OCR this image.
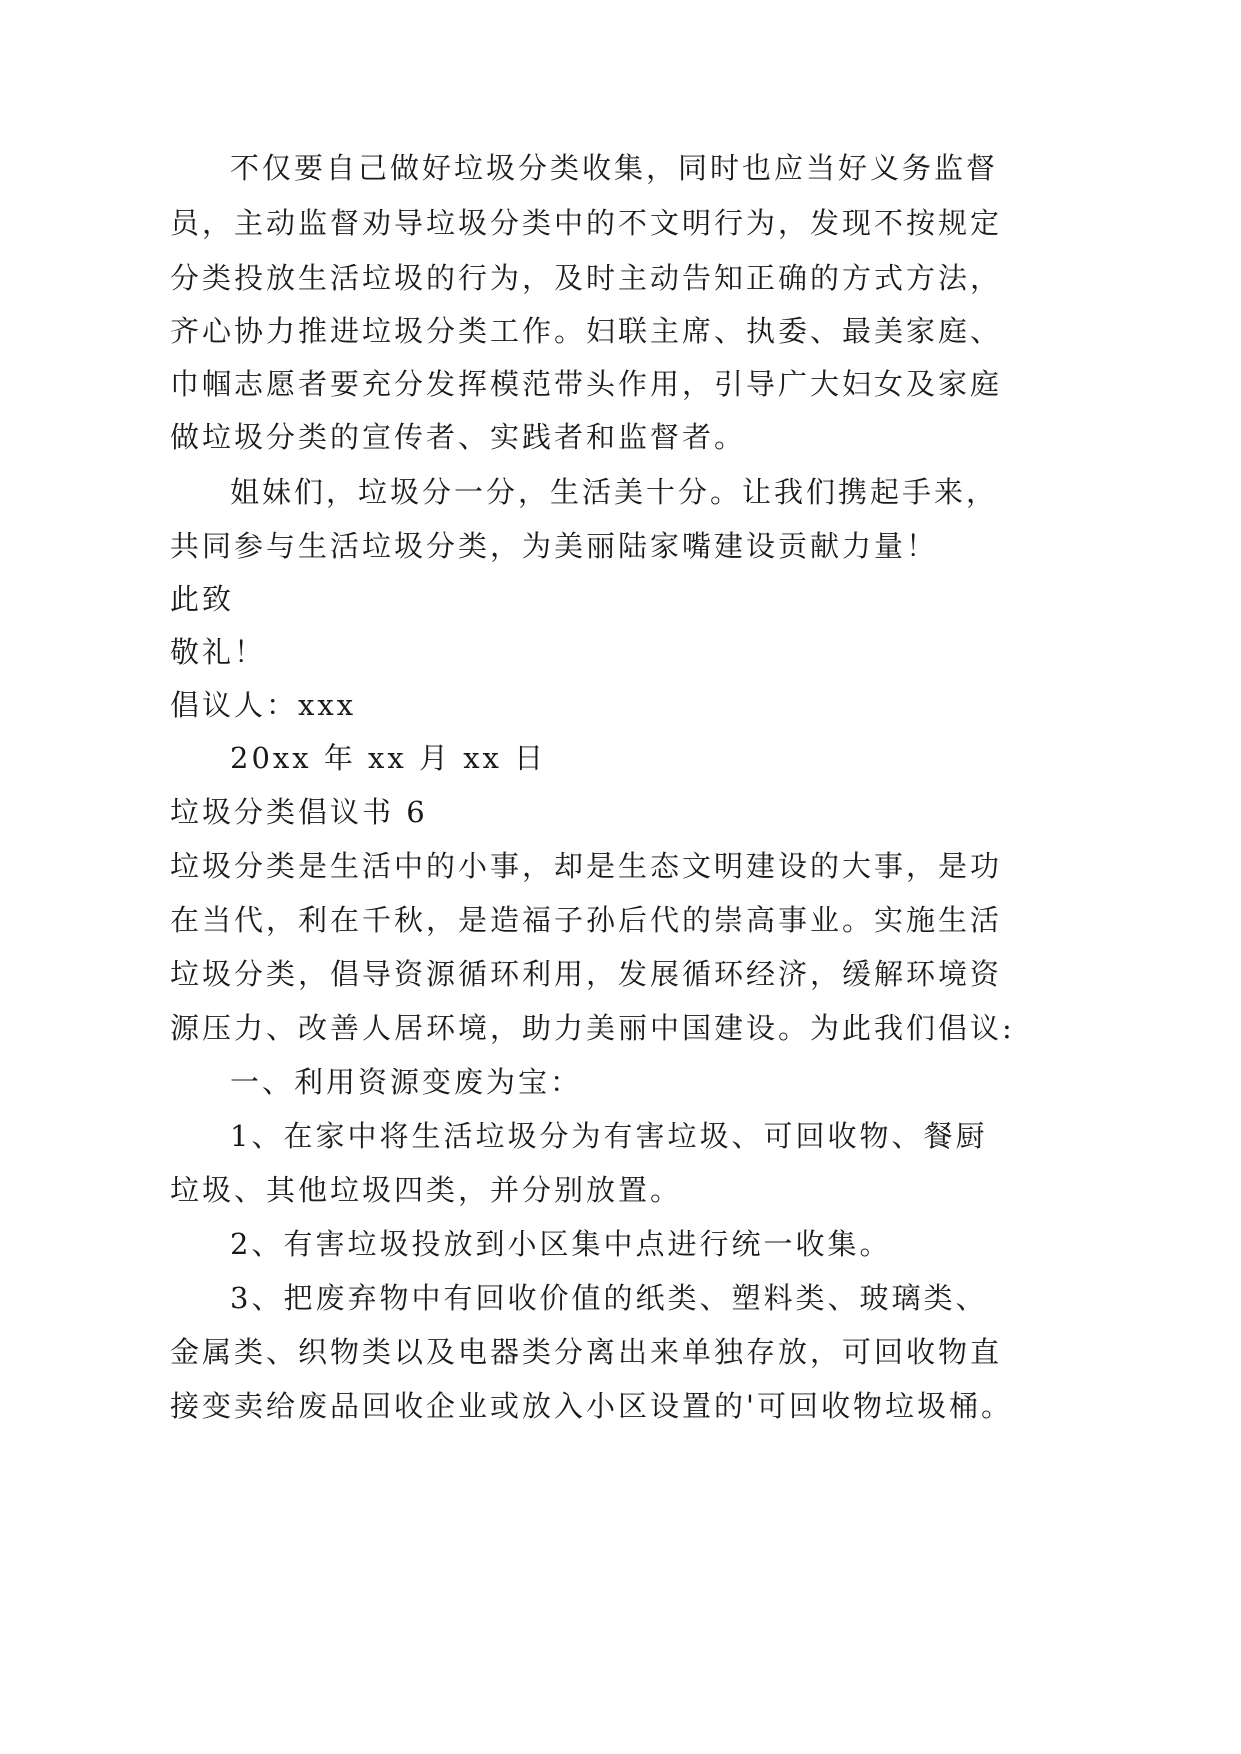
不仅要自己做好垃圾分类收集，同时也应当好义务监督
员，主动监督劝导垃圾分类中的不文明行为，发现不按规定
分类投放生活垃圾的行为，及时主动告知正确的方式方法，
齐心协力推进垃圾分类工作。妇联主席、执委、最美家庭、
巾帼志愿者要充分发挥模范带头作用，引导广大妇女及家庭
做垃圾分类的宣传者、实践者和监督者。
姐妹们，垃圾分一分，生活美十分。让我们携起手来，
共同参与生活垃圾分类，为美丽陆家嘴建设贡献力量！
此致
敬礼！
倡议人：xxx
20xx 年 xx 月 xx 日
垃圾分类倡议书 6
垃圾分类是生活中的小事，却是生态文明建设的大事，是功
在当代，利在千秋，是造福子孙后代的崇高事业。实施生活
垃圾分类，倡导资源循环利用，发展循环经济，缓解环境资
源压力、改善人居环境，助力美丽中国建设。为此我们倡议:
一、利用资源变废为宝：
1、在家中将生活垃圾分为有害垃圾、可回收物、餐厨
垃圾、其他垃圾四类，并分别放置。
2、有害垃圾投放到小区集中点进行统一收集。
3、把废弃物中有回收价值的纸类、塑料类、玻璃类、
金属类、织物类以及电器类分离出来单独存放，可回收物直
接变卖给废品回收企业或放入小区设置的'可回收物垃圾桶。
